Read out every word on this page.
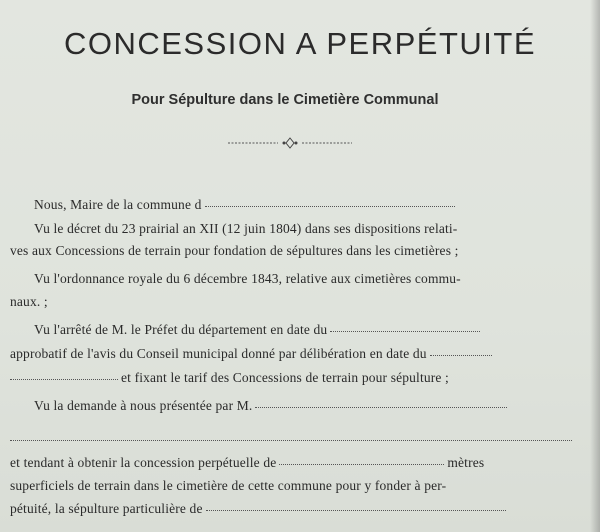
CONCESSION A PERPÉTUITÉ
Pour Sépulture dans le Cimetière Communal
Nous, Maire de la commune d
Vu le décret du 23 prairial an XII (12 juin 1804) dans ses dispositions relati-
ves aux Concessions de terrain pour fondation de sépultures dans les cimetières ;
Vu l'ordonnance royale du 6 décembre 1843, relative aux cimetières commu-
naux. ;
Vu l'arrêté de M. le Préfet du département en date du
approbatif de l'avis du Conseil municipal donné par délibération en date du
et fixant le tarif des Concessions de terrain pour sépulture ;
Vu la demande à nous présentée par M.
et tendant à obtenir la concession perpétuelle de	mètres
superficiels de terrain dans le cimetière de cette commune pour y fonder à per-
pétuité, la sépulture particulière de
